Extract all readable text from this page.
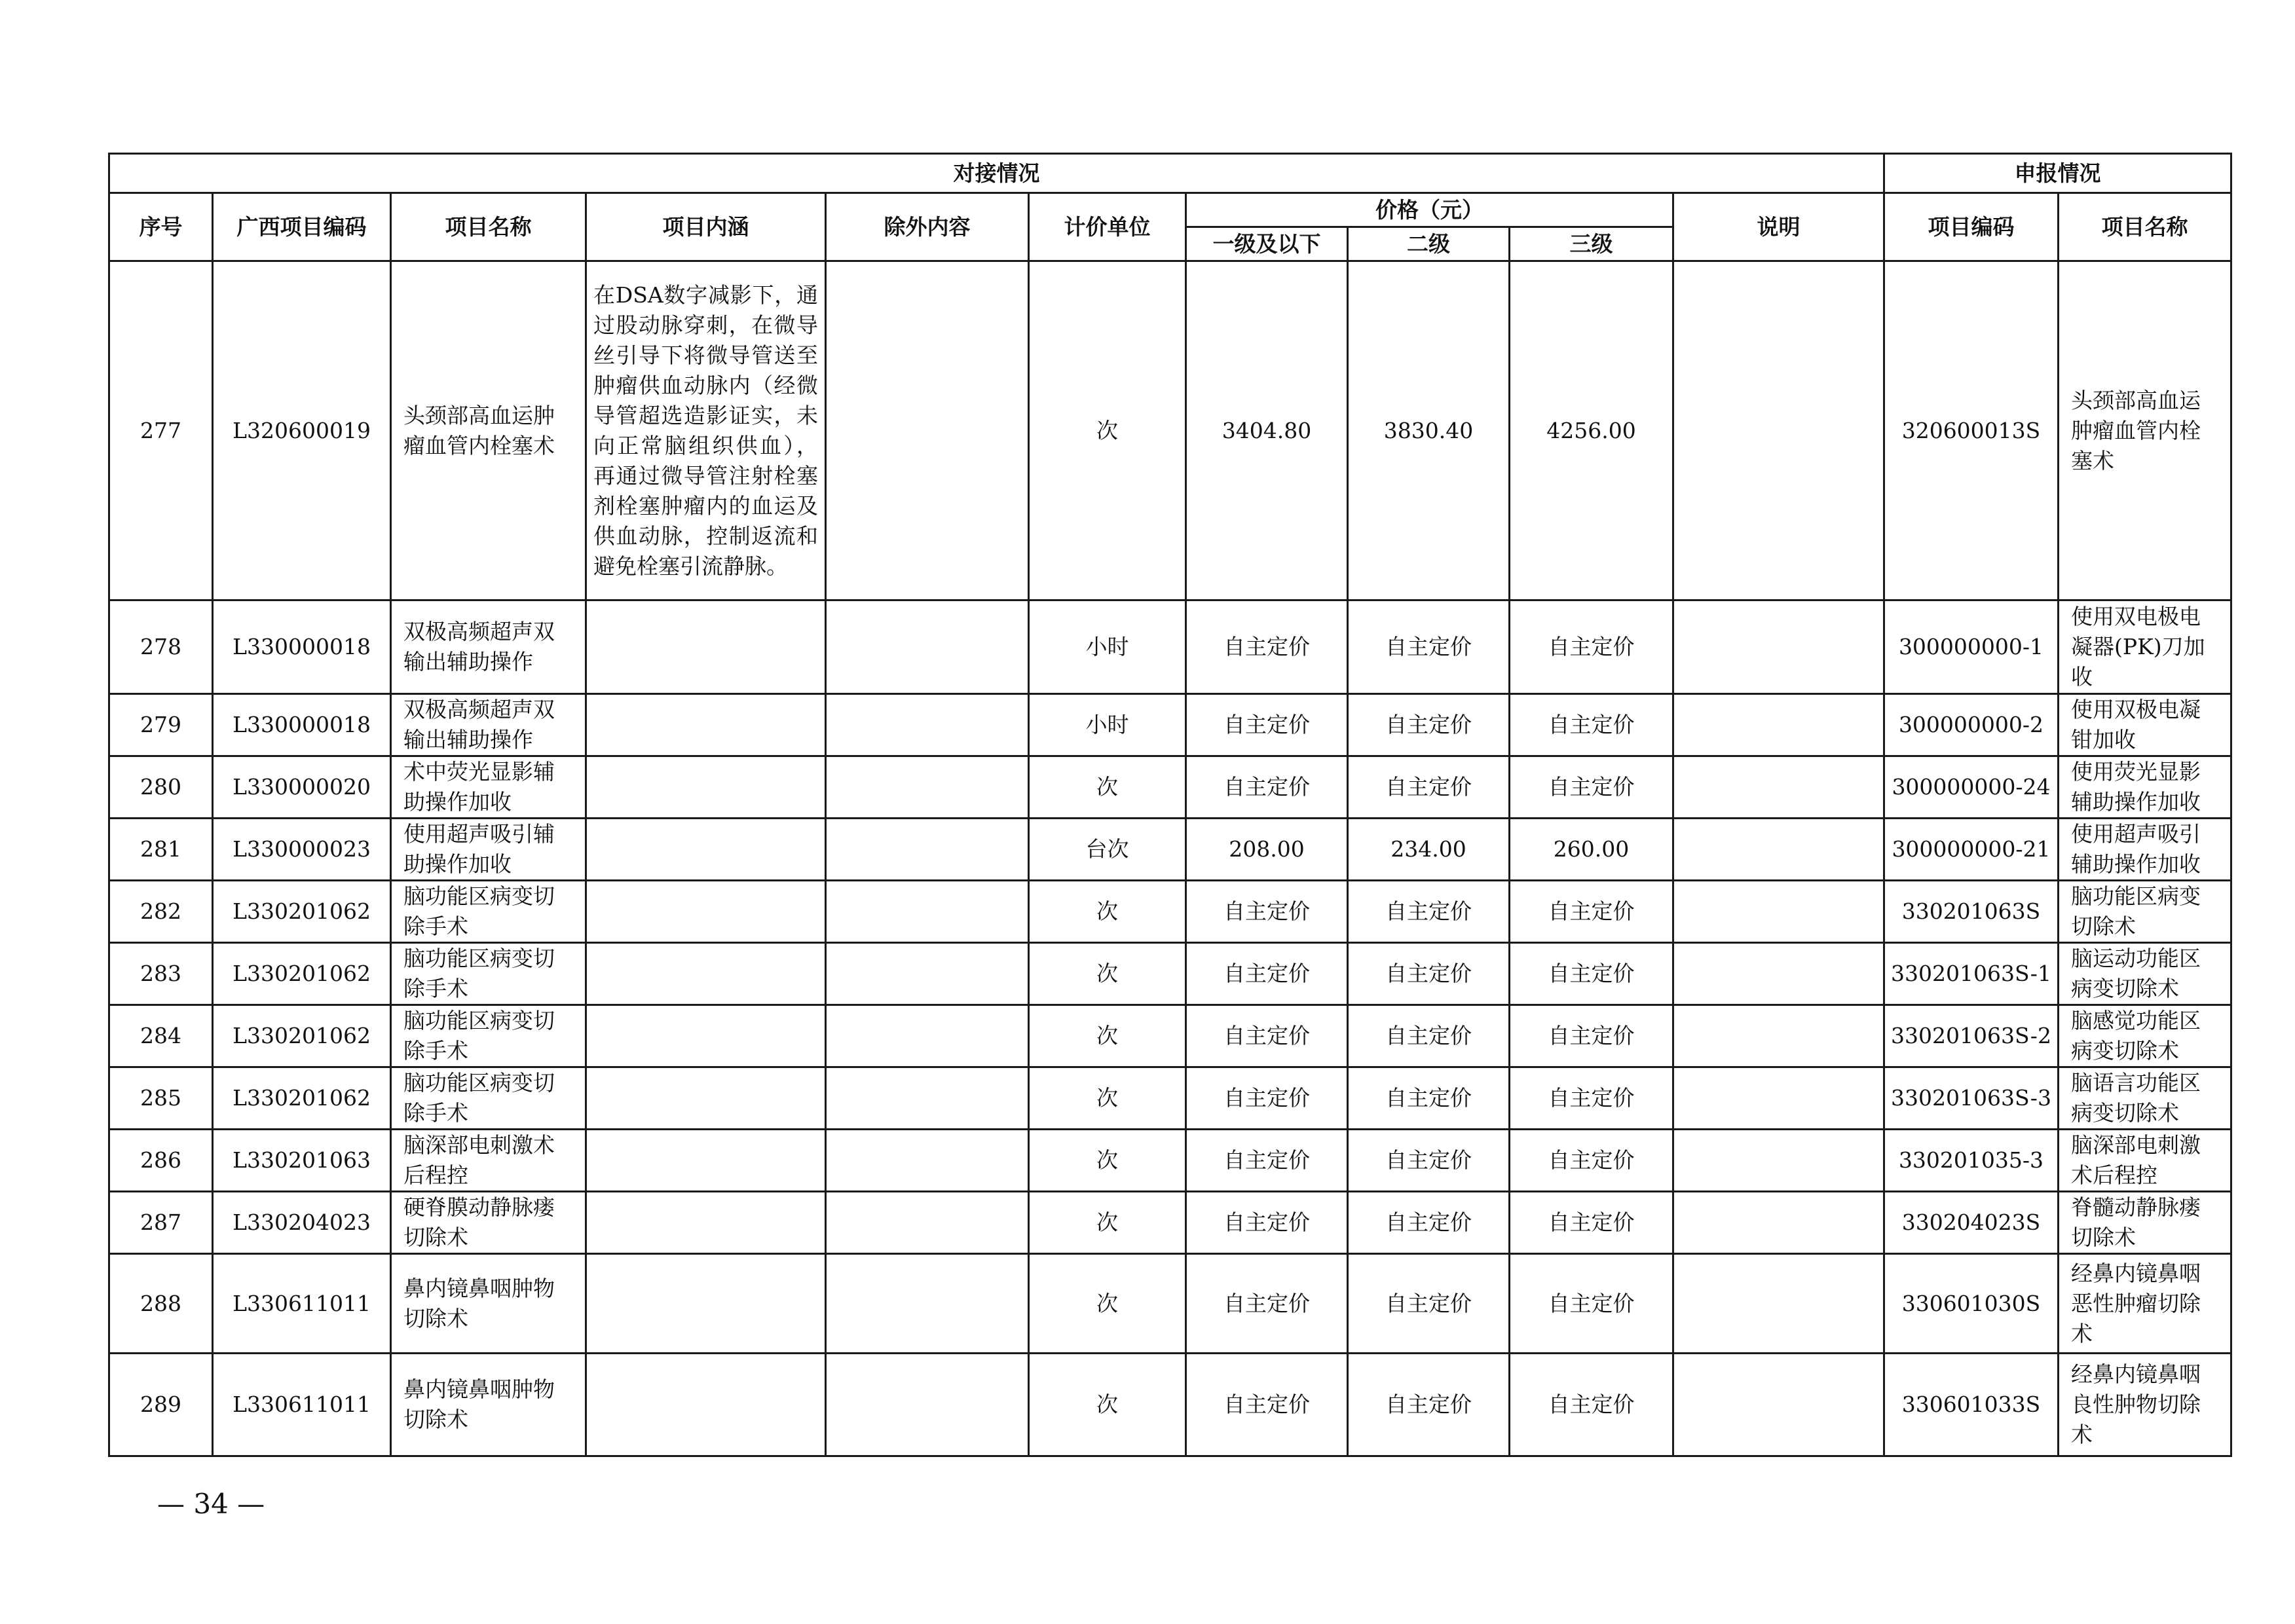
对接情况										申报情况	
序号	广西项目编码	项目名称	项目内涵	除外内容	计价单位	价格（元）			说明	项目编码	项目名称
						一级及以下	二级	三级			
277	L320600019	头颈部高血运肿瘤血管内栓塞术	在DSA数字减影下，通过股动脉穿刺，在微导丝引导下将微导管送至肿瘤供血动脉内（经微导管超选造影证实，未向正常脑组织供血），再通过微导管注射栓塞剂栓塞肿瘤内的血运及供血动脉，控制返流和避免栓塞引流静脉。		次	3404.80	3830.40	4256.00		320600013S	头颈部高血运肿瘤血管内栓塞术
278	L330000018	双极高频超声双输出辅助操作			小时	自主定价	自主定价	自主定价		300000000-1	使用双电极电凝器(PK)刀加收
279	L330000018	双极高频超声双输出辅助操作			小时	自主定价	自主定价	自主定价		300000000-2	使用双极电凝钳加收
280	L330000020	术中荧光显影辅助操作加收			次	自主定价	自主定价	自主定价		300000000-24	使用荧光显影辅助操作加收
281	L330000023	使用超声吸引辅助操作加收			台次	208.00	234.00	260.00		300000000-21	使用超声吸引辅助操作加收
282	L330201062	脑功能区病变切除手术			次	自主定价	自主定价	自主定价		330201063S	脑功能区病变切除术
283	L330201062	脑功能区病变切除手术			次	自主定价	自主定价	自主定价		330201063S-1	脑运动功能区病变切除术
284	L330201062	脑功能区病变切除手术			次	自主定价	自主定价	自主定价		330201063S-2	脑感觉功能区病变切除术
285	L330201062	脑功能区病变切除手术			次	自主定价	自主定价	自主定价		330201063S-3	脑语言功能区病变切除术
286	L330201063	脑深部电刺激术后程控			次	自主定价	自主定价	自主定价		330201035-3	脑深部电刺激术后程控
287	L330204023	硬脊膜动静脉瘘切除术			次	自主定价	自主定价	自主定价		330204023S	脊髓动静脉瘘切除术
288	L330611011	鼻内镜鼻咽肿物切除术			次	自主定价	自主定价	自主定价		330601030S	经鼻内镜鼻咽恶性肿瘤切除术
289	L330611011	鼻内镜鼻咽肿物切除术			次	自主定价	自主定价	自主定价		330601033S	经鼻内镜鼻咽良性肿物切除术
— 34 —
